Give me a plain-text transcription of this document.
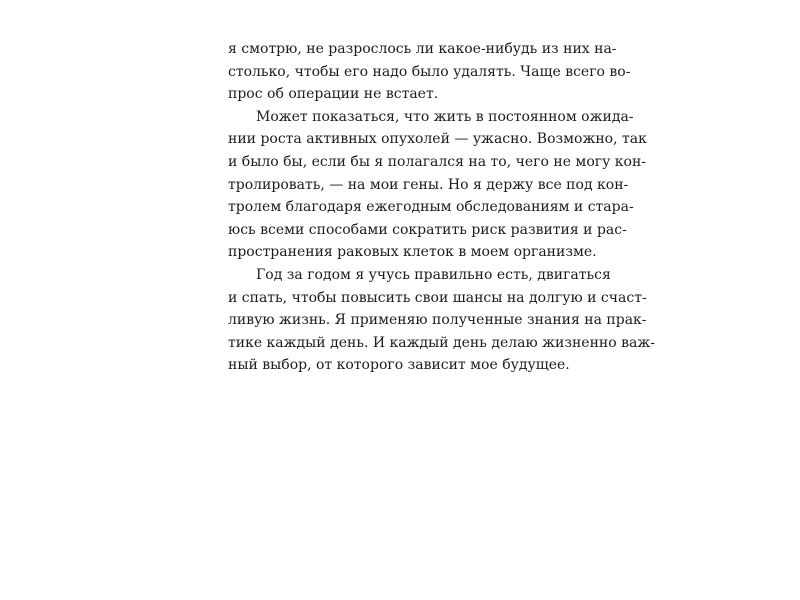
я смотрю, не разрослось ли какое-нибудь из них на-
столько, чтобы его надо было удалять. Чаще всего во-
прос об операции не встает.
Может показаться, что жить в постоянном ожида-
нии роста активных опухолей — ужасно. Возможно, так
и было бы, если бы я полагался на то, чего не могу кон-
тролировать, — на мои гены. Но я держу все под кон-
тролем благодаря ежегодным обследованиям и стара-
юсь всеми способами сократить риск развития и рас-
пространения раковых клеток в моем организме.
Год за годом я учусь правильно есть, двигаться
и спать, чтобы повысить свои шансы на долгую и счаст-
ливую жизнь. Я применяю полученные знания на прак-
тике каждый день. И каждый день делаю жизненно важ-
ный выбор, от которого зависит мое будущее.
